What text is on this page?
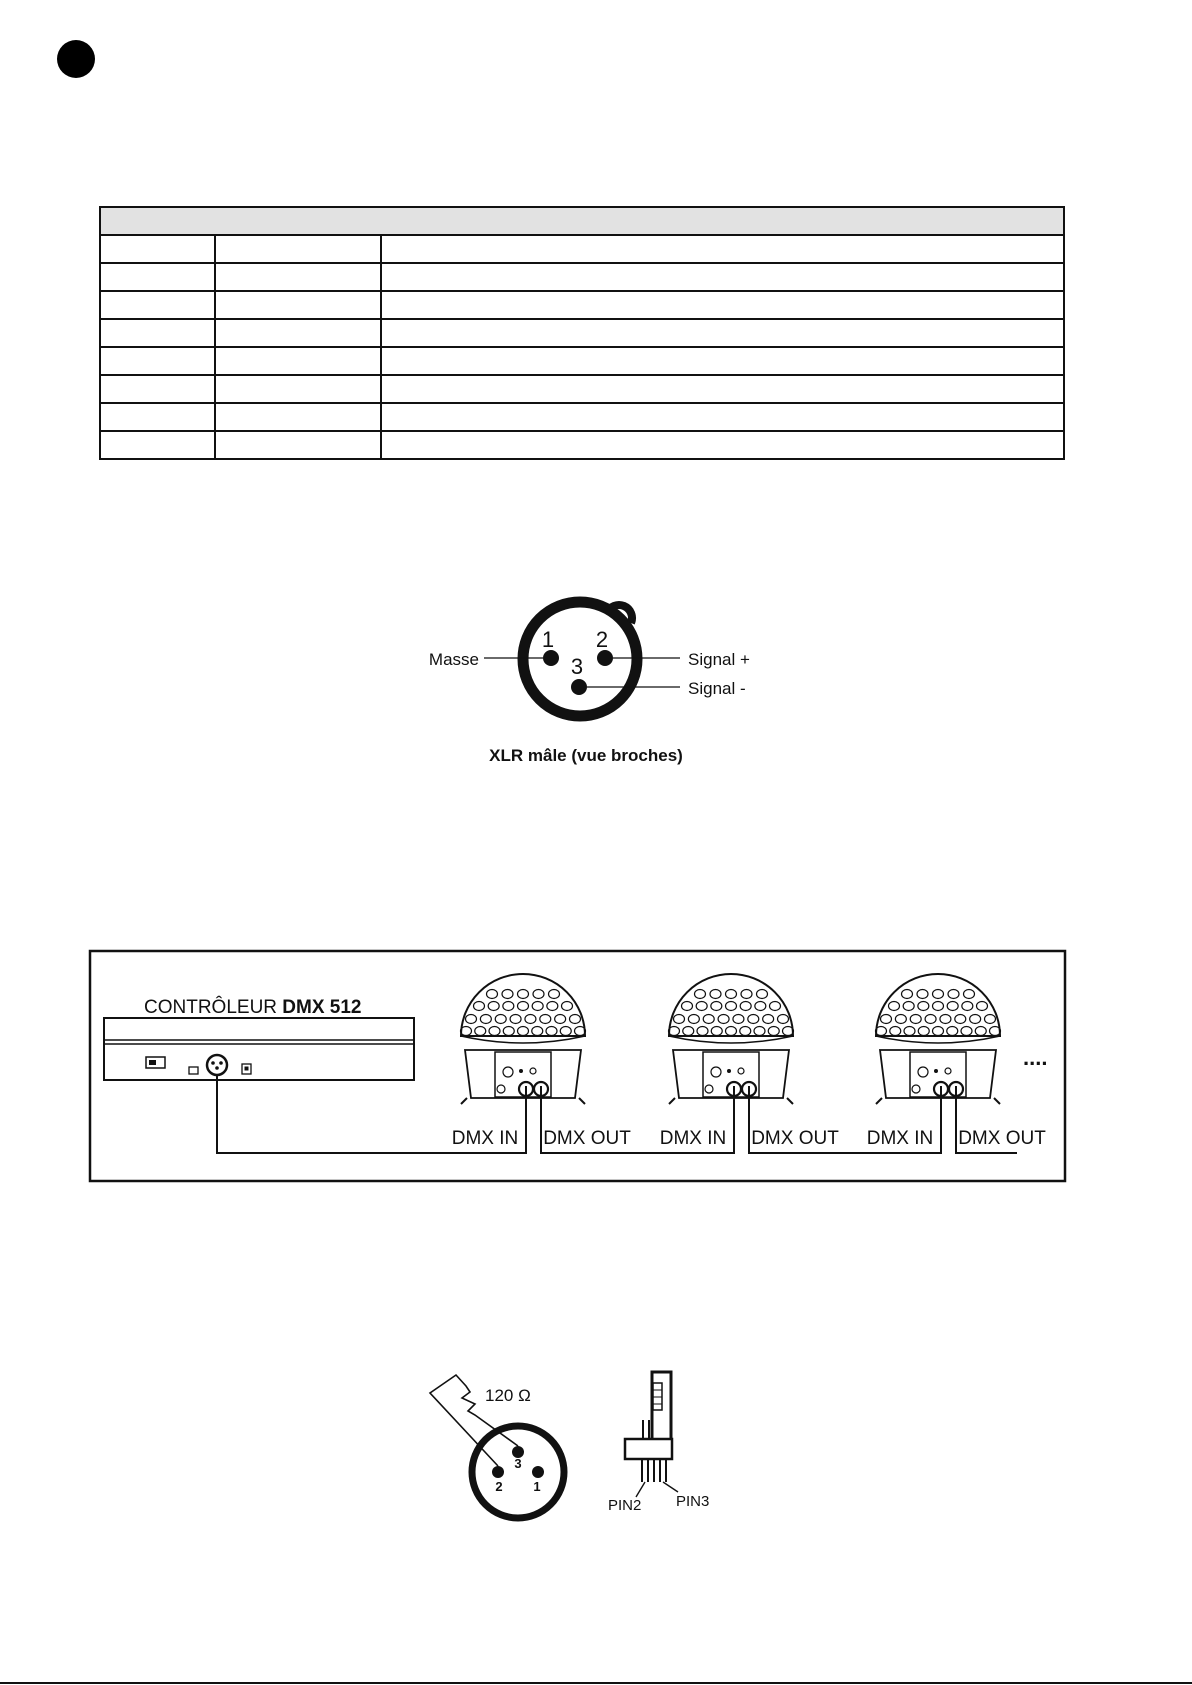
1 2
3
Masse	Signal +
Signal -
XLR mâle (vue broches)
CONTRÔLEUR DMX 512
DMX IN DMX OUT DMX IN DMX OUT DMX IN DMX OUT
....
3
2 1
120 Ω
PIN2 PIN3
